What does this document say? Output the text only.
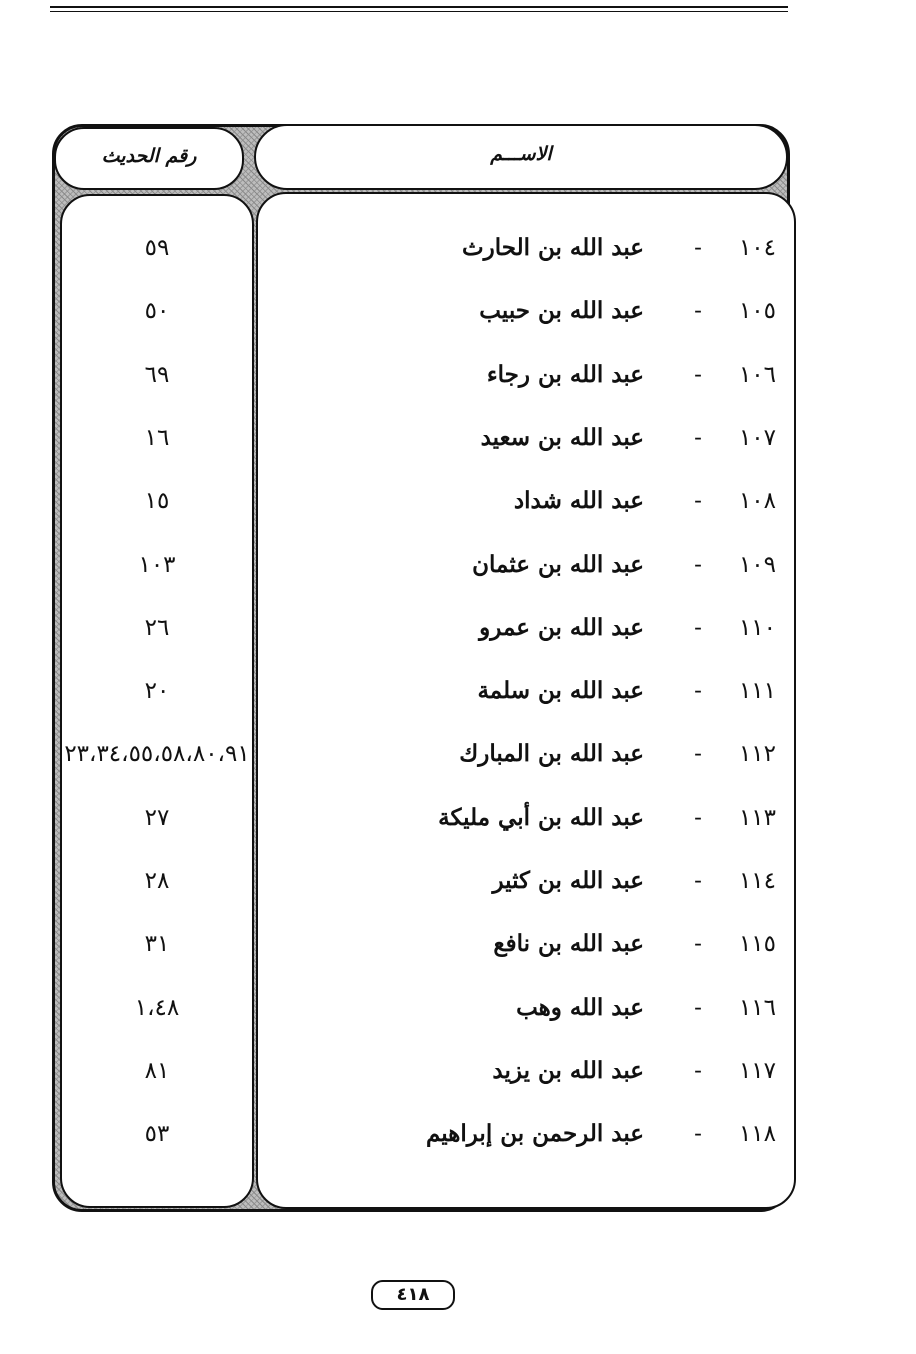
رقم الحديث	الاســـم
١٠٤
-
عبد الله بن الحارث
٥٩
١٠٥
-
عبد الله بن حبيب
٥٠
١٠٦
-
عبد الله بن رجاء
٦٩
١٠٧
-
عبد الله بن سعيد
١٦
١٠٨
-
عبد الله شداد
١٥
١٠٩
-
عبد الله بن عثمان
١٠٣
١١٠
-
عبد الله بن عمرو
٢٦
١١١
-
عبد الله بن سلمة
٢٠
١١٢
-
عبد الله بن المبارك
٢٣،٣٤،٥٥،٥٨،٨٠،٩١
١١٣
-
عبد الله بن أبي مليكة
٢٧
١١٤
-
عبد الله بن كثير
٢٨
١١٥
-
عبد الله بن نافع
٣١
١١٦
-
عبد الله وهب
١،٤٨
١١٧
-
عبد الله بن يزيد
٨١
١١٨
-
عبد الرحمن بن إبراهيم
٥٣
٤١٨
